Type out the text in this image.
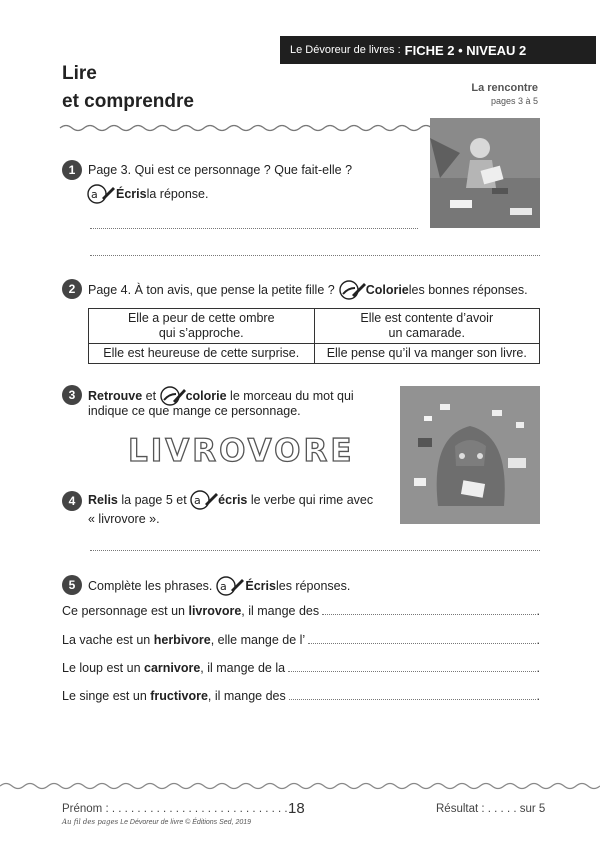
Le Dévoreur de livres : FICHE 2 • NIVEAU 2
Lire
et comprendre
La rencontre
pages 3 à 5
1	Page 3. Qui est ce personnage ? Que fait-elle ?
a Écris la réponse.
2	Page 4. À ton avis, que pense la petite fille ? Colorie les bonnes réponses.
Elle a peur de cette ombre
qui s’approche.	Elle est contente d’avoir
un camarade.
Elle est heureuse de cette surprise.	Elle pense qu’il va manger son livre.
3	Retrouve et colorie le morceau du mot qui
indique ce que mange ce personnage.
LIVROVORE
4	Relis la page 5 et a écris le verbe qui rime avec
« livrovore ».
5	Complète les phrases. a Écris les réponses.
Ce personnage est un livrovore , il mange des	.
La vache est un herbivore , elle mange de l’	.
Le loup est un carnivore , il mange de la	.
Le singe est un fructivore , il mange des	.
Prénom : . . . . . . . . . . . . . . . . . . . . . . . . . . . . .
18	Résultat : . . . . . sur 5
Au fil des pages Le Dévoreur de livre © Éditions Sed, 2019
